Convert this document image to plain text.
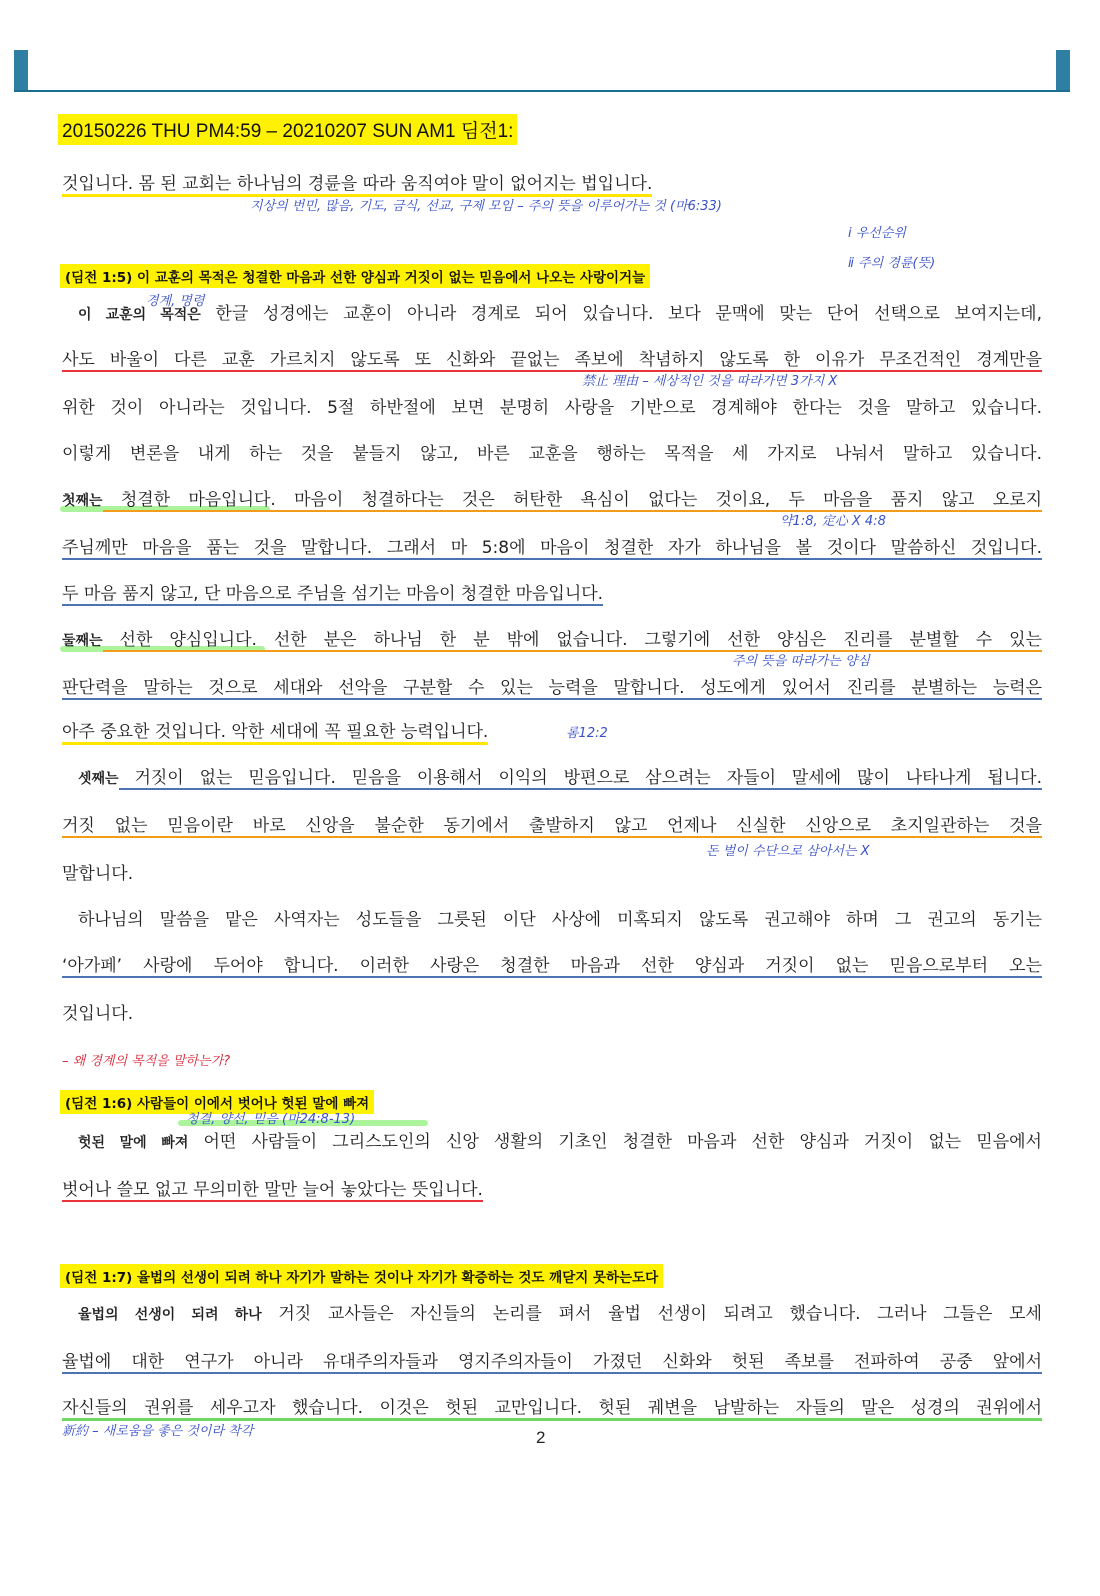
20150226 THU PM4:59 – 20210207 SUN AM1 딤전1:
것입니다. 몸 된 교회는 하나님의 경륜을 따라 움직여야 말이 없어지는 법입니다.
지상의 번민, 많음, 기도, 금식, 선교, 구제 모임 – 주의 뜻을 이루어가는 것 (마6:33)
ⅰ 우선순위
ⅱ 주의 경륜(뜻)
(딤전 1:5) 이 교훈의 목적은 청결한 마음과 선한 양심과 거짓이 없는 믿음에서 나오는 사랑이거늘
경계, 명령
이 교훈의 목적은 한글 성경에는 교훈이 아니라 경계로 되어 있습니다. 보다 문맥에 맞는 단어 선택으로 보여지는데,
사도 바울이 다른 교훈 가르치지 않도록 또 신화와 끝없는 족보에 착념하지 않도록 한 이유가 무조건적인 경계만을
禁止 理由 – 세상적인 것을 따라가면 3가지 X
위한 것이 아니라는 것입니다. 5절 하반절에 보면 분명히 사랑을 기반으로 경계해야 한다는 것을 말하고 있습니다.
이렇게 변론을 내게 하는 것을 붙들지 않고, 바른 교훈을 행하는 목적을 세 가지로 나눠서 말하고 있습니다.
첫째는 청결한 마음입니다. 마음이 청결하다는 것은 허탄한 욕심이 없다는 것이요, 두 마음을 품지 않고 오로지
약1:8, 定心 X 4:8
주님께만 마음을 품는 것을 말합니다. 그래서 마 5:8에 마음이 청결한 자가 하나님을 볼 것이다 말씀하신 것입니다.
두 마음 품지 않고, 단 마음으로 주님을 섬기는 마음이 청결한 마음입니다.
둘째는 선한 양심입니다. 선한 분은 하나님 한 분 밖에 없습니다. 그렇기에 선한 양심은 진리를 분별할 수 있는
주의 뜻을 따라가는 양심
판단력을 말하는 것으로 세대와 선악을 구분할 수 있는 능력을 말합니다. 성도에게 있어서 진리를 분별하는 능력은
아주 중요한 것입니다. 악한 세대에 꼭 필요한 능력입니다.	롬12:2
셋째는 거짓이 없는 믿음입니다. 믿음을 이용해서 이익의 방편으로 삼으려는 자들이 말세에 많이 나타나게 됩니다.
거짓 없는 믿음이란 바로 신앙을 불순한 동기에서 출발하지 않고 언제나 신실한 신앙으로 초지일관하는 것을
돈 벌이 수단으로 삼아서는 X
말합니다.
하나님의 말씀을 맡은 사역자는 성도들을 그릇된 이단 사상에 미혹되지 않도록 권고해야 하며 그 권고의 동기는
‘아가페’ 사랑에 두어야 합니다. 이러한 사랑은 청결한 마음과 선한 양심과 거짓이 없는 믿음으로부터 오는
것입니다.
– 왜 경계의 목적을 말하는가?
(딤전 1:6) 사람들이 이에서 벗어나 헛된 말에 빠져
청결, 양선, 믿음 (마24:8-13)
헛된 말에 빠져 어떤 사람들이 그리스도인의 신앙 생활의 기초인 청결한 마음과 선한 양심과 거짓이 없는 믿음에서
벗어나 쓸모 없고 무의미한 말만 늘어 놓았다는 뜻입니다.
(딤전 1:7) 율법의 선생이 되려 하나 자기가 말하는 것이나 자기가 확증하는 것도 깨닫지 못하는도다
율법의 선생이 되려 하나 거짓 교사들은 자신들의 논리를 펴서 율법 선생이 되려고 했습니다. 그러나 그들은 모세
율법에 대한 연구가 아니라 유대주의자들과 영지주의자들이 가졌던 신화와 헛된 족보를 전파하여 공중 앞에서
자신들의 권위를 세우고자 했습니다. 이것은 헛된 교만입니다. 헛된 궤변을 남발하는 자들의 말은 성경의 권위에서
新約 – 새로움을 좋은 것이라 착각	2
